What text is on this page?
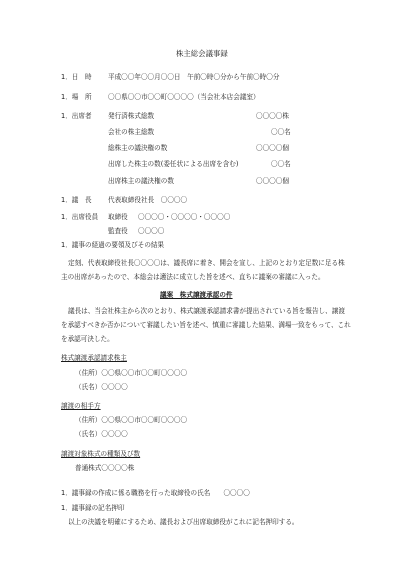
株主総会議事録
1．日　時 平成〇〇年〇〇月〇〇日　午前〇時〇分から午前〇時〇分
1．場　所 〇〇県〇〇市〇〇町〇〇〇〇（当会社本店会議室）
1．出席者 発行済株式総数	〇〇〇〇株
会社の株主総数	〇〇名
総株主の議決権の数	〇〇〇〇個
出席した株主の数(委任状による出席を含む)	〇〇名
出席株主の議決権の数	〇〇〇〇個
1．議　長 代表取締役社長　〇〇〇〇
1．出席役員 取締役 〇〇〇〇・〇〇〇〇・〇〇〇〇
監査役 〇〇〇〇
1．議事の経過の要領及びその結果
定刻、代表取締役社長〇〇〇〇は、議長席に着き、開会を宣し、上記のとおり定足数に足る株
主の出席があったので、本総会は適法に成立した旨を述べ、直ちに議案の審議に入った。
議案　株式譲渡承認の件
議長は、当会社株主から次のとおり、株式譲渡承認請求書が提出されている旨を報告し、譲渡
を承認すべきか否かについて審議したい旨を述べ、慎重に審議した結果、満場一致をもって、これ
を承認可決した。
株式譲渡承認請求株主
（住所）〇〇県〇〇市〇〇町〇〇〇〇
（氏名）〇〇〇〇
譲渡の相手方
（住所）〇〇県〇〇市〇〇町〇〇〇〇
（氏名）〇〇〇〇
譲渡対象株式の種類及び数
普通株式〇〇〇〇株
1．議事録の作成に係る職務を行った取締役の氏名　　〇〇〇〇
1．議事録の記名押印
以上の決議を明確にするため、議長および出席取締役がこれに記名押印する。
